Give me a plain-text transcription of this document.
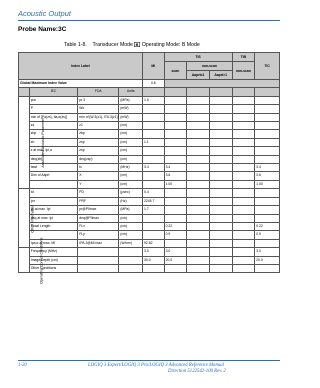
Acoustic Output
Probe Name:3C
Table 1-8. Transducer Mode B Operating Mode: B Mode
Index Label				MI	TIS			TIB	TIC
					scan	non-scan		non-scan	
						Aaprt≤1	Aaprt>1		
Global Maximum Index Value				0.8					
	IEC	FDA	Units						
Associated Acoustic Parameter	pra	pr.3	(MPa)	1.5					
	P	Wo	(mW)						
	min of [Pα(zs), Ita,α(zs)]	min of [W.3(z1), ITA.3(z1)]	(mW)						
	zs	z1	(cm)						
	zbp	zbp	(cm)						
	zb	zsp	(cm)	1.1					
	z at max. Ipi,α	zsp	(cm)						
	deq(zb)	deq(zsp)	(cm)						
	fawf	fc	(MHz)	3.4	3.4				3.4
	Dim of Aaprt	X	(cm)		3.6				3.6
		Y	(cm)		1.00				1.00
Other Information	td	PD	(μsec)	0.4					
	prr	PRF	(Hz)	2245.7					
	pr at max. Ipi	pr@PIImax	(MPa)	1.7					
	deq at max. Ipi	deq@PIImax	(cm)						
	Focal Length	FLx	(cm)		0.22				0.22
		FLy	(cm)		0.9				0.9
	Ipa,α at max. MI	IPA.3@MI max	(W/cm²)	92.82					
Operating Control Conditions	Frequency (MHz)			3.0	3.0				3.0
	Image Depth (cm)			30.0	20.0				20.0
	Other Conditions								
1-20	LOGIQ 3 Expert/LOGIQ 3 Pro/LOGIQ 3 Advanced Reference Manual
Direction 5122542-100 Rev. 2
